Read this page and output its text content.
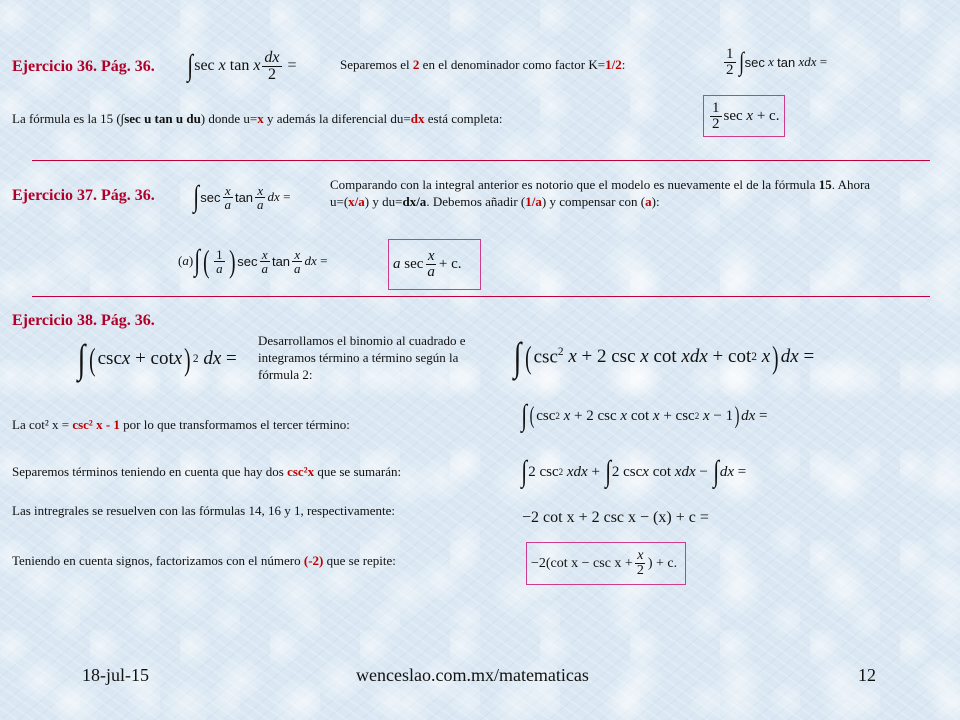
Ejercicio 36. Pág. 36. ∫ sec
x
tan
x $\frac{dx}{2}$
=	Separemos el 2 en el denominador como factor K=1/2:	$\frac{1}{2}$ ∫ sec
x
tan
x dx
=
La fórmula es la 15 (∫sec u tan u du) donde u=x y además la diferencial du=dx está completa:	$\frac{1}{2}$ sec
x
+ c.
Ejercicio 37. Pág. 36. ∫ $\sec \frac{x}{a}$ $\tan \frac{x}{a}$ dx
=
Comparando con la integral anterior es notorio que el modelo es nuevamente el de la fórmula 15. Ahora u=(x/a) y du=dx/a. Debemos añadir (1/a) y compensar con (a):
( a ) ∫ ( $\frac{1}{a}$ ) $\sec \frac{x}{a}$ $\tan \frac{x}{a}$ dx
=	a
$\sec \frac{x}{a} + c$.
Ejercicio 38. Pág. 36.
∫ ( csc x + cot x ) 2
dx
=
Desarrollamos el binomio al cuadrado e integramos término a término según la fórmula 2:	∫ ( $\csc^2$
x + 2 csc x cot xdx + cot 2
x ) dx =
La cot² x = csc² x - 1 por lo que transformamos el tercer término:	∫ ( csc 2
x + 2 csc x cot x + csc 2
x − 1 ) dx =
Separemos términos teniendo en cuenta que hay dos csc²x que se sumarán:	∫ 2 csc 2
xdx + ∫ 2 csc x cot xdx − ∫ dx =
Las intregrales se resuelven con las fórmulas 14, 16 y 1, respectivamente:	−2 cot x + 2 csc x − (x) + c =
Teniendo en cuenta signos, factorizamos con el número (-2) que se repite:	−2(cot $x - \csc x + \frac{x}{2}$ ) + c.
18-jul-15	wenceslao.com.mx/matematicas	12
